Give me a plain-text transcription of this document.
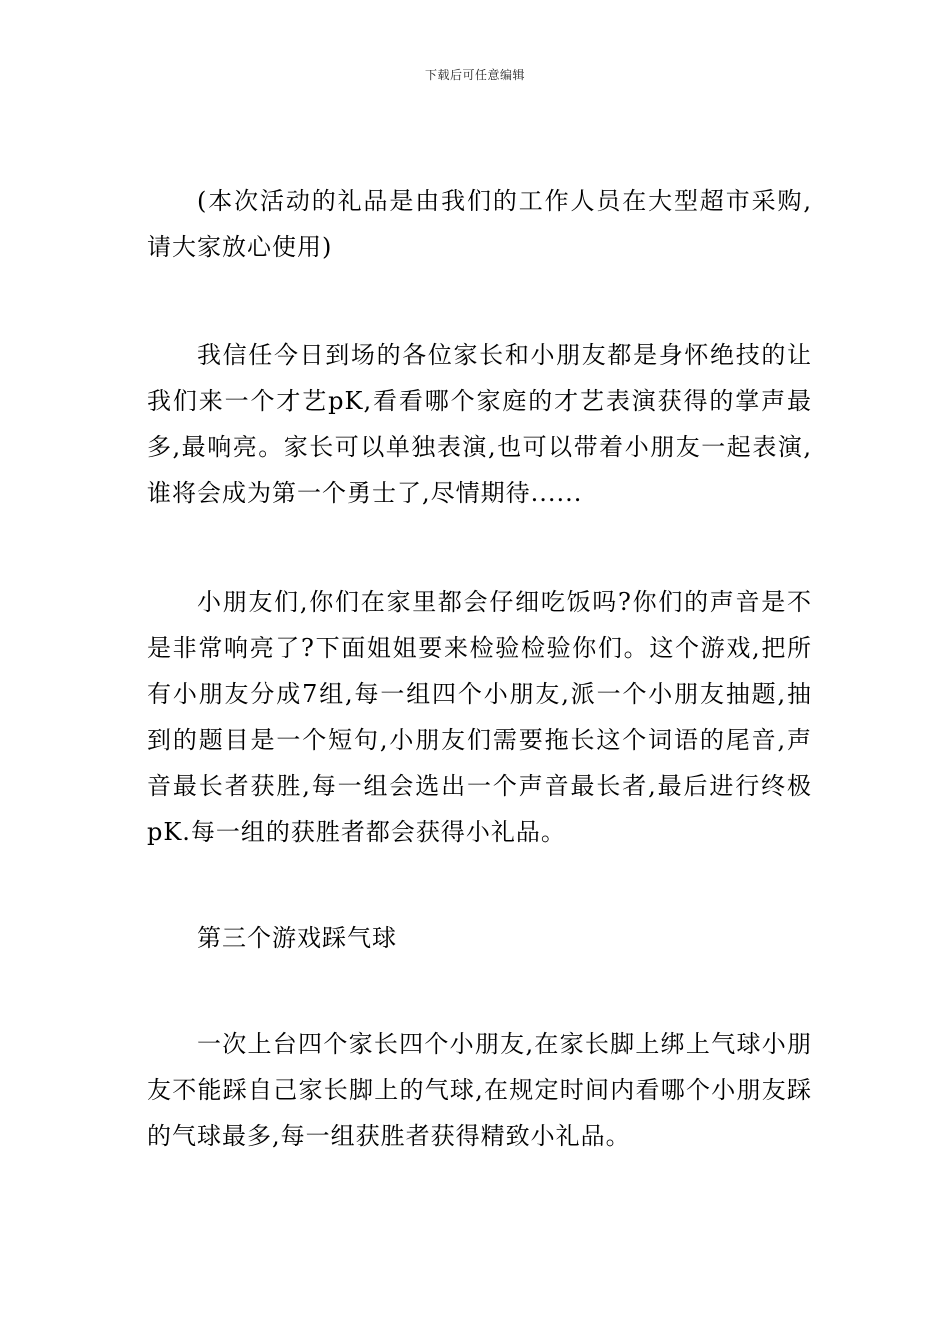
下载后可任意编辑

(本次活动的礼品是由我们的工作人员在大型超市采购,请大家放心使用)

我信任今日到场的各位家长和小朋友都是身怀绝技的让我们来一个才艺pK,看看哪个家庭的才艺表演获得的掌声最多,最响亮。家长可以单独表演,也可以带着小朋友一起表演,谁将会成为第一个勇士了,尽情期待......

小朋友们,你们在家里都会仔细吃饭吗?你们的声音是不是非常响亮了?下面姐姐要来检验检验你们。这个游戏,把所有小朋友分成7组,每一组四个小朋友,派一个小朋友抽题,抽到的题目是一个短句,小朋友们需要拖长这个词语的尾音,声音最长者获胜,每一组会选出一个声音最长者,最后进行终极pK.每一组的获胜者都会获得小礼品。

第三个游戏踩气球

一次上台四个家长四个小朋友,在家长脚上绑上气球小朋友不能踩自己家长脚上的气球,在规定时间内看哪个小朋友踩的气球最多,每一组获胜者获得精致小礼品。
